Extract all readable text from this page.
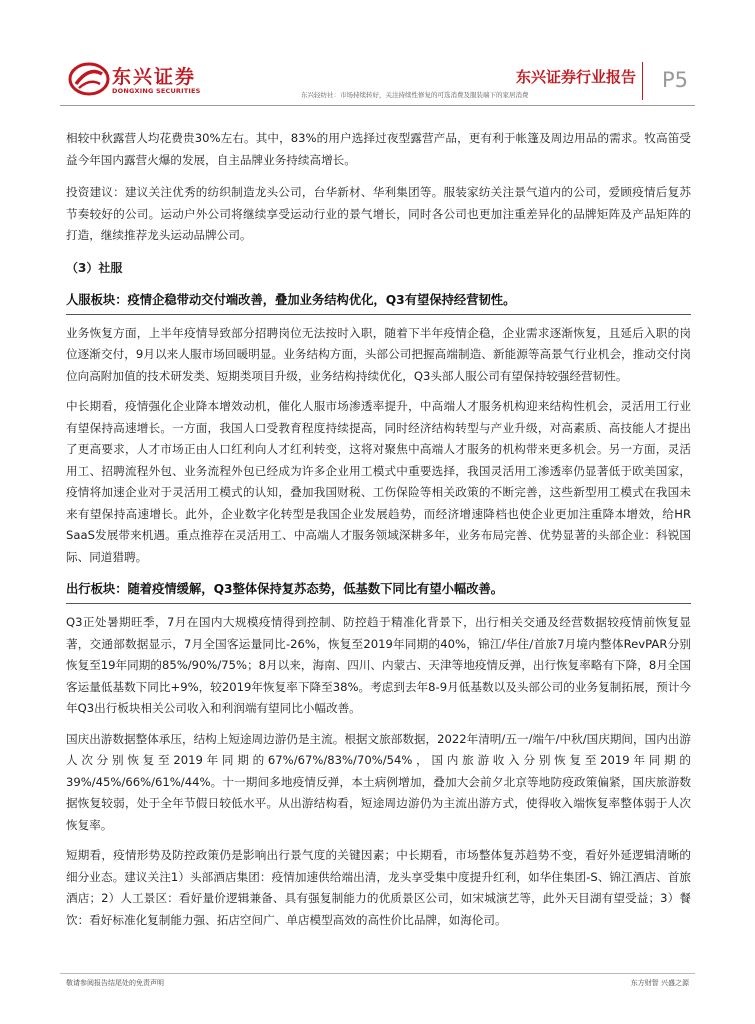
东兴证券
DONGXING SECURITIES
东兴证券行业报告
东兴轻纺社：市场持续转好，关注持续性修复的可选消费及服装端下的家居消费
P5

相较中秋露营人均花费贵30%左右。其中，83%的用户选择过夜型露营产品，更有利于帐篷及周边用品的需求。牧高笛受益今年国内露营火爆的发展，自主品牌业务持续高增长。

投资建议：建议关注优秀的纺织制造龙头公司，台华新材、华利集团等。服装家纺关注景气道内的公司，爱顾疫情后复苏节奏较好的公司。运动户外公司将继续享受运动行业的景气增长，同时各公司也更加注重差异化的品牌矩阵及产品矩阵的打造，继续推荐龙头运动品牌公司。

（3）社服

人服板块：疫情企稳带动交付端改善，叠加业务结构优化，Q3有望保持经营韧性。

业务恢复方面，上半年疫情导致部分招聘岗位无法按时入职，随着下半年疫情企稳，企业需求逐渐恢复，且延后入职的岗位逐渐交付，9月以来人服市场回暖明显。业务结构方面，头部公司把握高端制造、新能源等高景气行业机会，推动交付岗位向高附加值的技术研发类、短期类项目升级，业务结构持续优化，Q3头部人服公司有望保持较强经营韧性。

中长期看，疫情强化企业降本增效动机，催化人服市场渗透率提升，中高端人才服务机构迎来结构性机会，灵活用工行业有望保持高速增长。一方面，我国人口受教育程度持续提高，同时经济结构转型与产业升级，对高素质、高技能人才提出了更高要求，人才市场正由人口红利向人才红利转变，这将对聚焦中高端人才服务的机构带来更多机会。另一方面，灵活用工、招聘流程外包、业务流程外包已经成为许多企业用工模式中重要选择，我国灵活用工渗透率仍显著低于欧美国家，疫情将加速企业对于灵活用工模式的认知，叠加我国财税、工伤保险等相关政策的不断完善，这些新型用工模式在我国未来有望保持高速增长。此外，企业数字化转型是我国企业发展趋势，而经济增速降档也使企业更加注重降本增效，给HR SaaS发展带来机遇。重点推荐在灵活用工、中高端人才服务领域深耕多年，业务布局完善、优势显著的头部企业：科锐国际、同道猎聘。

出行板块：随着疫情缓解，Q3整体保持复苏态势，低基数下同比有望小幅改善。

Q3正处暑期旺季，7月在国内大规模疫情得到控制、防控趋于精准化背景下，出行相关交通及经营数据较疫情前恢复显著，交通部数据显示，7月全国客运量同比-26%，恢复至2019年同期的40%，锦江/华住/首旅7月境内整体RevPAR分别恢复至19年同期的85%/90%/75%；8月以来，海南、四川、内蒙古、天津等地疫情反弹，出行恢复率略有下降，8月全国客运量低基数下同比+9%，较2019年恢复率下降至38%。考虑到去年8-9月低基数以及头部公司的业务复制拓展，预计今年Q3出行板块相关公司收入和利润端有望同比小幅改善。

国庆出游数据整体承压，结构上短途周边游仍是主流。根据文旅部数据，2022年清明/五一/端午/中秋/国庆期间，国内出游人次分别恢复至2019年同期的67%/67%/83%/70%/54%，国内旅游收入分别恢复至2019年同期的39%/45%/66%/61%/44%。十一期间多地疫情反弹，本土病例增加，叠加大会前夕北京等地防疫政策偏紧，国庆旅游数据恢复较弱，处于全年节假日较低水平。从出游结构看，短途周边游仍为主流出游方式，使得收入端恢复率整体弱于人次恢复率。

短期看，疫情形势及防控政策仍是影响出行景气度的关键因素；中长期看，市场整体复苏趋势不变，看好外延逻辑清晰的细分业态。建议关注1）头部酒店集团：疫情加速供给端出清，龙头享受集中度提升红利，如华住集团-S、锦江酒店、首旅酒店；2）人工景区：看好量价逻辑兼备、具有强复制能力的优质景区公司，如宋城演艺等，此外天目湖有望受益；3）餐饮：看好标准化复制能力强、拓店空间广、单店模型高效的高性价比品牌，如海伦司。

敬请参阅报告结尾处的免责声明	东方财智 兴盛之源
